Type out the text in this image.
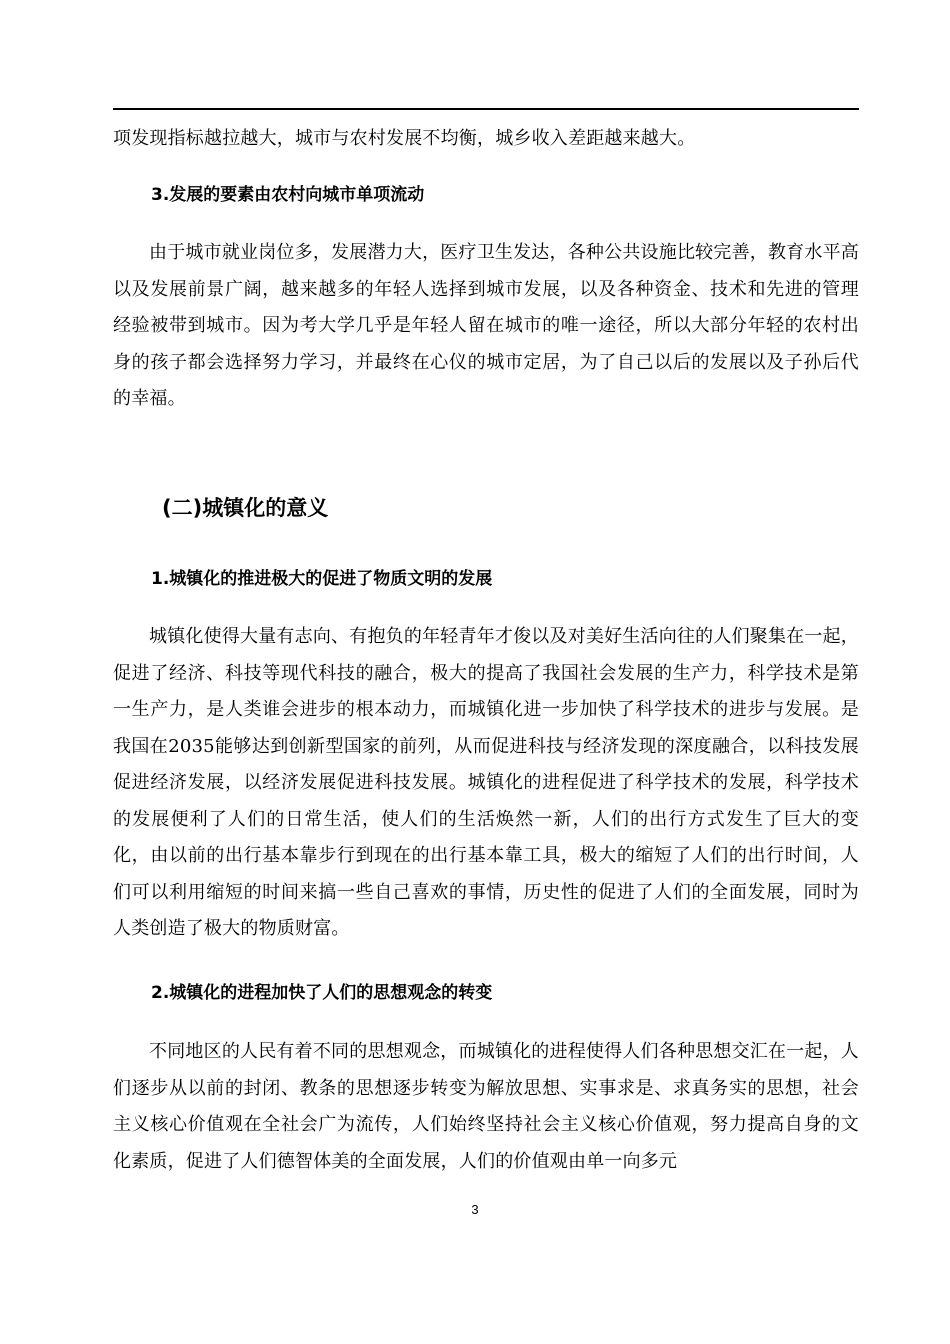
项发现指标越拉越大，城市与农村发展不均衡，城乡收入差距越来越大。

3.发展的要素由农村向城市单项流动

由于城市就业岗位多，发展潜力大，医疗卫生发达，各种公共设施比较完善，教育水平高以及发展前景广阔，越来越多的年轻人选择到城市发展，以及各种资金、技术和先进的管理经验被带到城市。因为考大学几乎是年轻人留在城市的唯一途径，所以大部分年轻的农村出身的孩子都会选择努力学习，并最终在心仪的城市定居，为了自己以后的发展以及子孙后代的幸福。

(二)城镇化的意义
1.城镇化的推进极大的促进了物质文明的发展

城镇化使得大量有志向、有抱负的年轻青年才俊以及对美好生活向往的人们聚集在一起，促进了经济、科技等现代科技的融合，极大的提高了我国社会发展的生产力，科学技术是第一生产力，是人类谁会进步的根本动力，而城镇化进一步加快了科学技术的进步与发展。是我国在2035能够达到创新型国家的前列，从而促进科技与经济发现的深度融合，以科技发展促进经济发展，以经济发展促进科技发展。城镇化的进程促进了科学技术的发展，科学技术的发展便利了人们的日常生活，使人们的生活焕然一新，人们的出行方式发生了巨大的变化，由以前的出行基本靠步行到现在的出行基本靠工具，极大的缩短了人们的出行时间，人们可以利用缩短的时间来搞一些自己喜欢的事情，历史性的促进了人们的全面发展，同时为人类创造了极大的物质财富。

2.城镇化的进程加快了人们的思想观念的转变

不同地区的人民有着不同的思想观念，而城镇化的进程使得人们各种思想交汇在一起，人们逐步从以前的封闭、教条的思想逐步转变为解放思想、实事求是、求真务实的思想，社会主义核心价值观在全社会广为流传，人们始终坚持社会主义核心价值观，努力提高自身的文化素质，促进了人们德智体美的全面发展，人们的价值观由单一向多元

3
